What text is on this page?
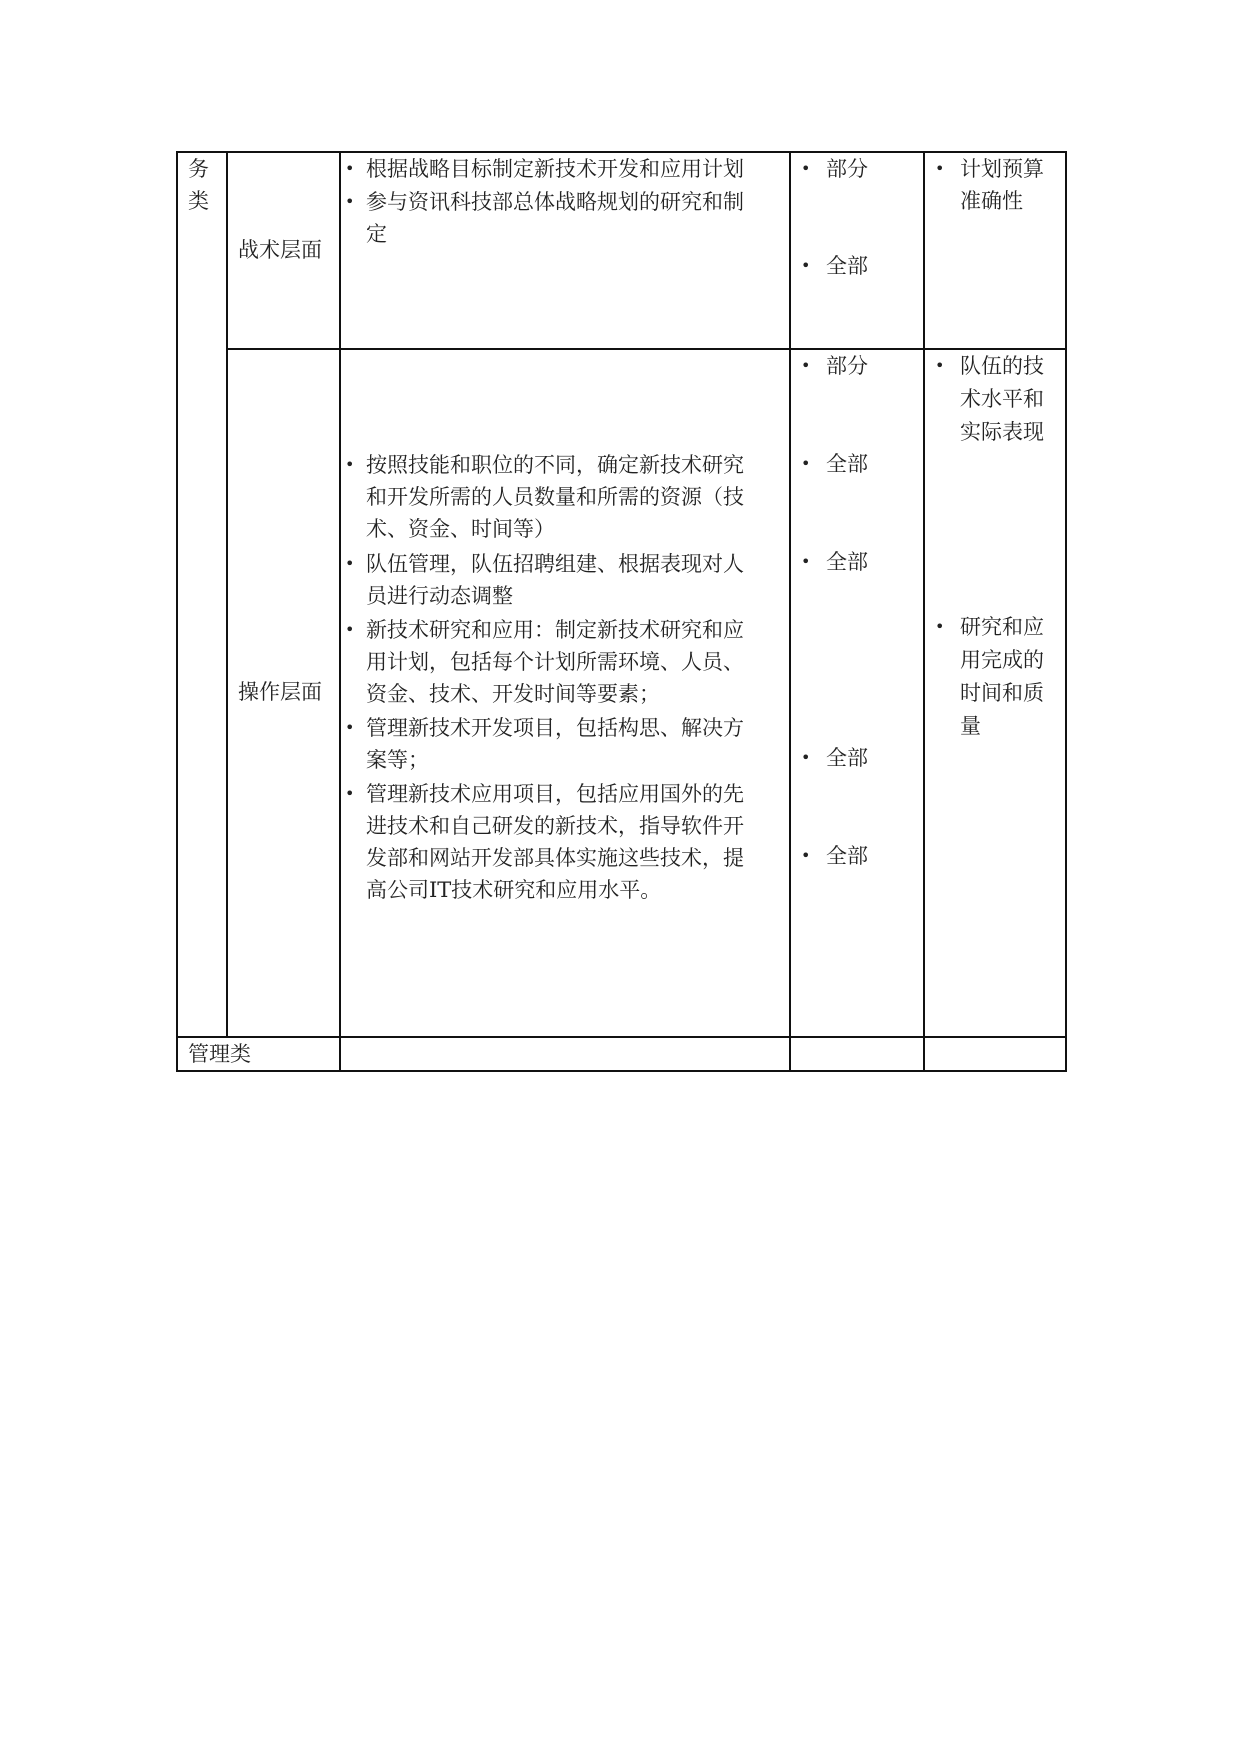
务类
战术层面
• 根据战略目标制定新技术开发和应用计划
• 参与资讯科技部总体战略规划的研究和制
定
• 部分
• 全部
• 计划预算
准确性
操作层面
• 按照技能和职位的不同，确定新技术研究
和开发所需的人员数量和所需的资源（技
术、资金、时间等）
• 队伍管理，队伍招聘组建、根据表现对人
员进行动态调整
• 新技术研究和应用：制定新技术研究和应
用计划，包括每个计划所需环境、人员、
资金、技术、开发时间等要素；
• 管理新技术开发项目，包括构思、解决方
案等；
• 管理新技术应用项目，包括应用国外的先
进技术和自己研发的新技术，指导软件开
发部和网站开发部具体实施这些技术，提
高公司IT技术研究和应用水平。
• 部分
• 全部
• 全部
• 全部
• 全部
• 队伍的技
术水平和
实际表现
• 研究和应
用完成的
时间和质
量
管理类
